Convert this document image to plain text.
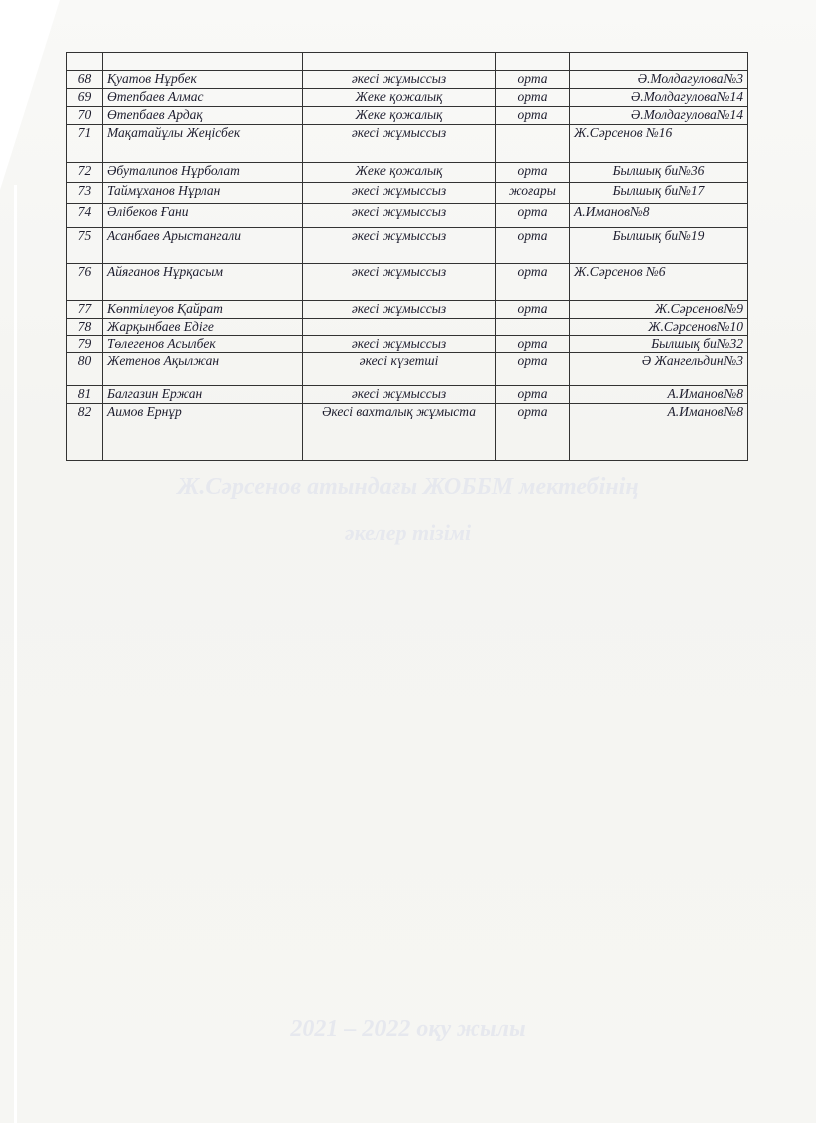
Ж.Сәрсенов атындағы ЖОББМ мектебінің
әкелер тізімі
2021 – 2022 оқу жылы

68	Қуатов Нұрбек	әкесі жұмыссыз	орта	Ә.Молдагулова№3
69	Өтепбаев Алмас	Жеке қожалық	орта	Ә.Молдагулова№14
70	Өтепбаев Ардақ	Жеке қожалық	орта	Ә.Молдагулова№14
71	Мақатайұлы Жеңісбек	әкесі жұмыссыз		Ж.Сәрсенов №16
72	Әбуталипов Нұрболат	Жеке қожалық	орта	Былшық би№36
73	Таймұханов Нұрлан	әкесі жұмыссыз	жоғары	Былшық би№17
74	Әлібеков Ғани	әкесі жұмыссыз	орта	А.Иманов№8
75	Асанбаев Арыстангали	әкесі жұмыссыз	орта	Былшық би№19
76	Айяганов Нұрқасым	әкесі жұмыссыз	орта	Ж.Сәрсенов №6
77	Көптілеуов Қайрат	әкесі жұмыссыз	орта	Ж.Сәрсенов№9
78	Жарқынбаев Едіге			Ж.Сәрсенов№10
79	Төлегенов Асылбек	әкесі жұмыссыз	орта	Былшық би№32
80	Жетенов Ақылжан	әкесі күзетші	орта	Ә Жангельдин№3
81	Балгазин Ержан	әкесі жұмыссыз	орта	А.Иманов№8
82	Аимов Ернұр	Әкесі вахталық жұмыста	орта	А.Иманов№8
